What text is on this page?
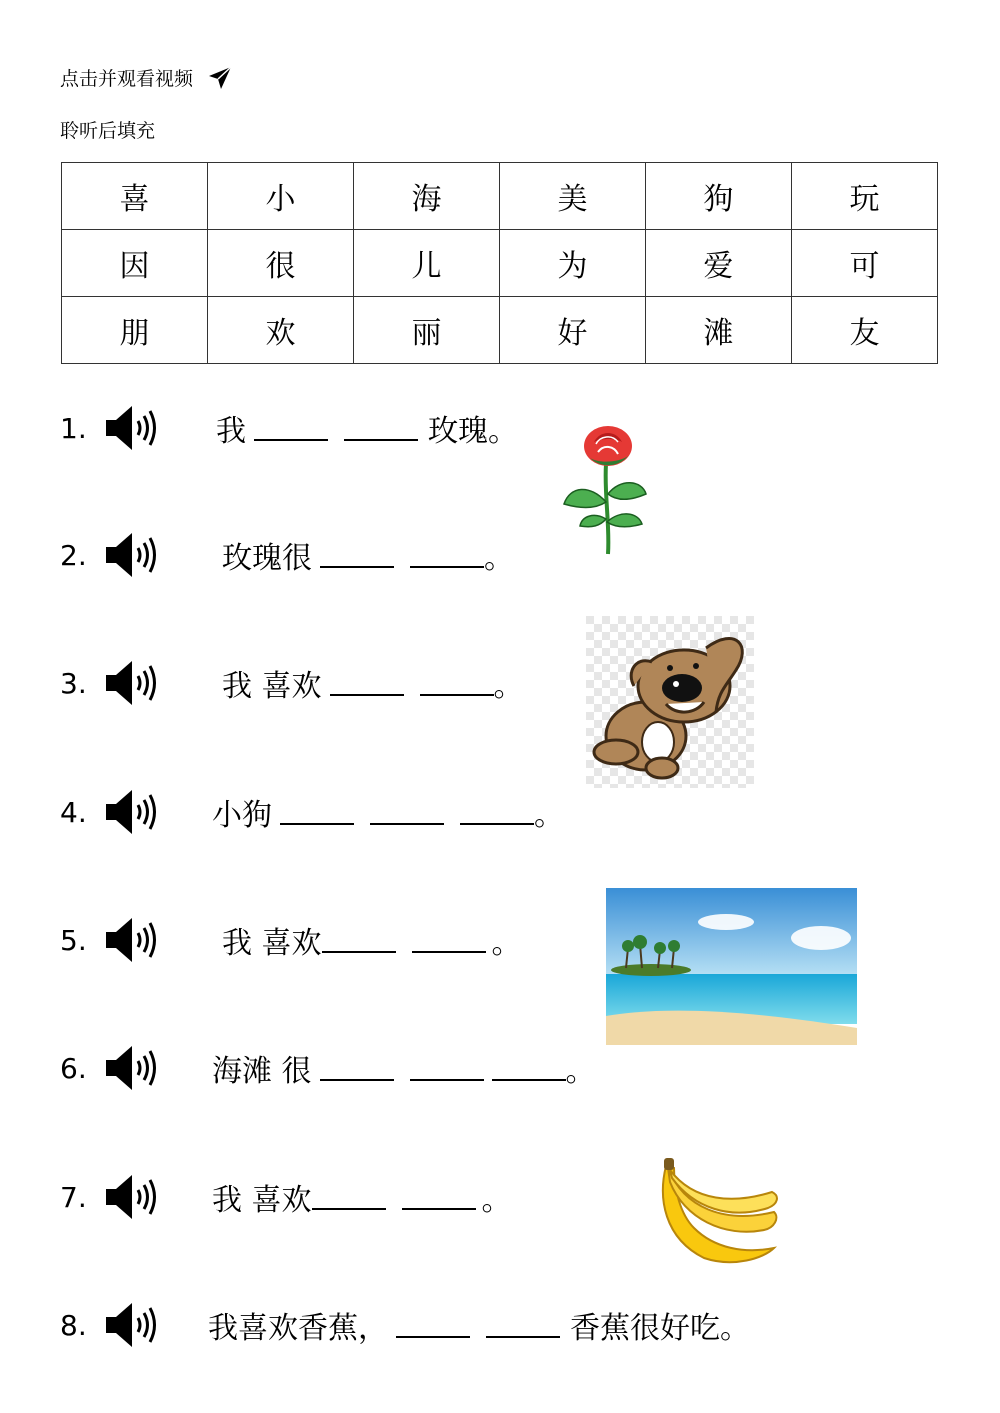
点击并观看视频
聆听后填充
喜	小	海	美	狗	玩
因	很	儿	为	爱	可
朋	欢	丽	好	滩	友
1.	我	玫瑰。
2.	玫瑰很	。
3.	我 喜欢	。
4.	小狗	。
5.	我 喜欢	。
6.	海滩 很	。
7.	我 喜欢	。
8.	我喜欢香蕉，	香蕉很好吃。
